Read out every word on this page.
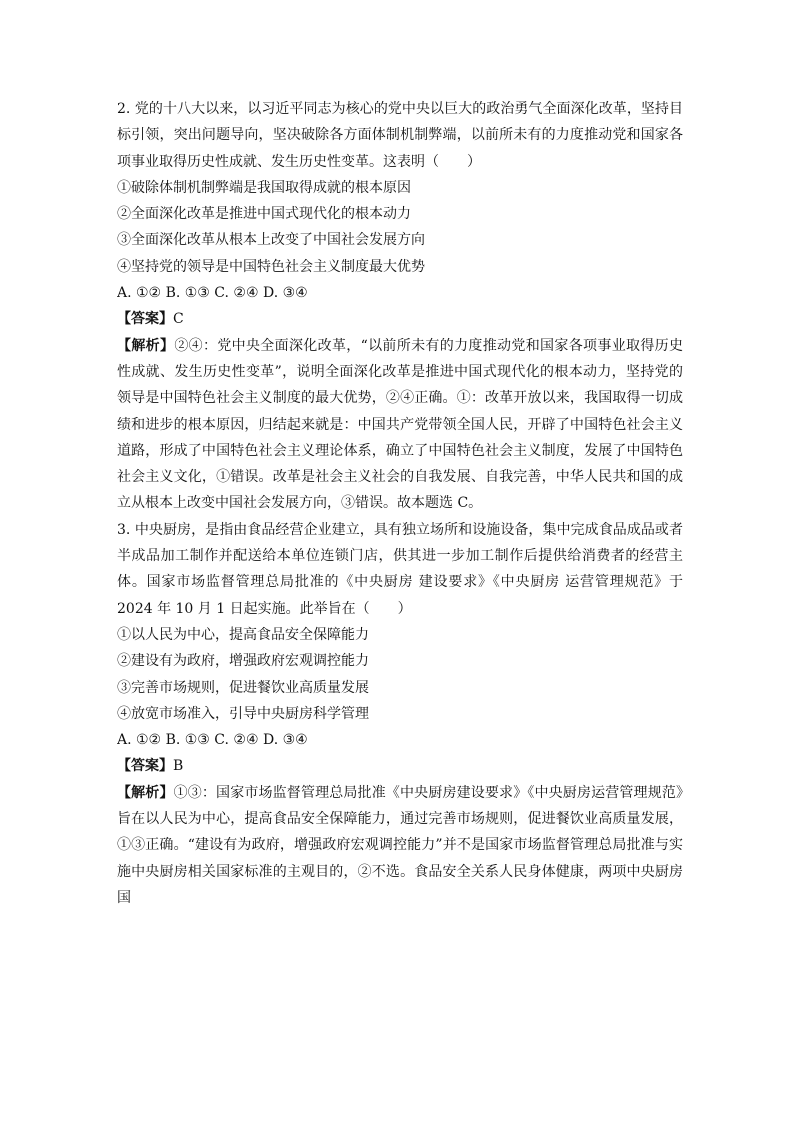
2. 党的十八大以来，以习近平同志为核心的党中央以巨大的政治勇气全面深化改革，坚持目标引领，突出问题导向，坚决破除各方面体制机制弊端，以前所未有的力度推动党和国家各项事业取得历史性成就、发生历史性变革。这表明（　　）
①破除体制机制弊端是我国取得成就的根本原因
②全面深化改革是推进中国式现代化的根本动力
③全面深化改革从根本上改变了中国社会发展方向
④坚持党的领导是中国特色社会主义制度最大优势
A. ①② B. ①③ C. ②④ D. ③④
【答案】C
【解析】②④：党中央全面深化改革，“以前所未有的力度推动党和国家各项事业取得历史性成就、发生历史性变革”，说明全面深化改革是推进中国式现代化的根本动力，坚持党的领导是中国特色社会主义制度的最大优势，②④正确。①：改革开放以来，我国取得一切成绩和进步的根本原因，归结起来就是：中国共产党带领全国人民，开辟了中国特色社会主义道路，形成了中国特色社会主义理论体系，确立了中国特色社会主义制度，发展了中国特色社会主义文化，①错误。改革是社会主义社会的自我发展、自我完善，中华人民共和国的成立从根本上改变中国社会发展方向，③错误。故本题选 C。
3. 中央厨房，是指由食品经营企业建立，具有独立场所和设施设备，集中完成食品成品或者半成品加工制作并配送给本单位连锁门店，供其进一步加工制作后提供给消费者的经营主体。国家市场监督管理总局批准的《中央厨房 建设要求》《中央厨房 运营管理规范》于 2024 年 10 月 1 日起实施。此举旨在（　　）
①以人民为中心，提高食品安全保障能力
②建设有为政府，增强政府宏观调控能力
③完善市场规则，促进餐饮业高质量发展
④放宽市场准入，引导中央厨房科学管理
A. ①② B. ①③ C. ②④ D. ③④
【答案】B
【解析】①③：国家市场监督管理总局批准《中央厨房建设要求》《中央厨房运营管理规范》旨在以人民为中心，提高食品安全保障能力，通过完善市场规则，促进餐饮业高质量发展，①③正确。“建设有为政府，增强政府宏观调控能力”并不是国家市场监督管理总局批准与实施中央厨房相关国家标准的主观目的，②不选。食品安全关系人民身体健康，两项中央厨房国
